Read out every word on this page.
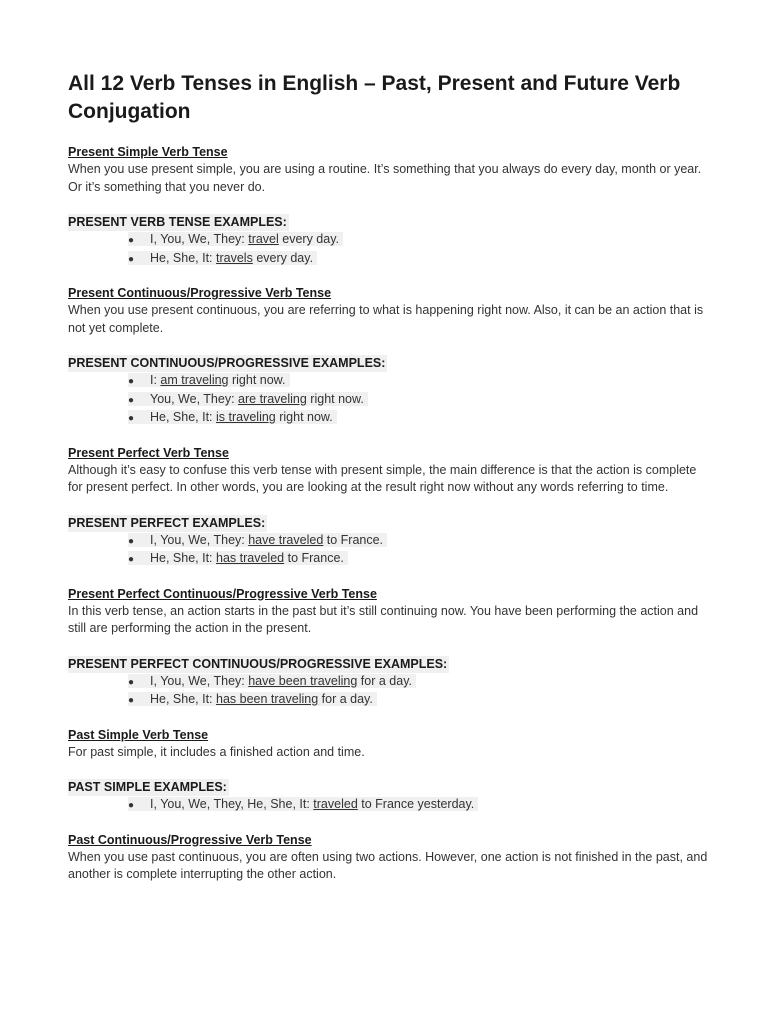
All 12 Verb Tenses in English – Past, Present and Future Verb Conjugation
Present Simple Verb Tense

When you use present simple, you are using a routine. It’s something that you always do every day, month or year. Or it’s something that you never do.

PRESENT VERB TENSE EXAMPLES:
● I, You, We, They: travel every day.
● He, She, It: travels every day.
Present Continuous/Progressive Verb Tense

When you use present continuous, you are referring to what is happening right now. Also, it can be an action that is not yet complete.

PRESENT CONTINUOUS/PROGRESSIVE EXAMPLES:
● I: am traveling right now.
● You, We, They: are traveling right now.
● He, She, It: is traveling right now.
Present Perfect Verb Tense

Although it’s easy to confuse this verb tense with present simple, the main difference is that the action is complete for present perfect. In other words, you are looking at the result right now without any words referring to time.

PRESENT PERFECT EXAMPLES:
● I, You, We, They: have traveled to France.
● He, She, It: has traveled to France.
Present Perfect Continuous/Progressive Verb Tense

In this verb tense, an action starts in the past but it’s still continuing now. You have been performing the action and still are performing the action in the present.

PRESENT PERFECT CONTINUOUS/PROGRESSIVE EXAMPLES:
● I, You, We, They: have been traveling for a day.
● He, She, It: has been traveling for a day.
Past Simple Verb Tense

For past simple, it includes a finished action and time.

PAST SIMPLE EXAMPLES:
● I, You, We, They, He, She, It: traveled to France yesterday.
Past Continuous/Progressive Verb Tense

When you use past continuous, you are often using two actions. However, one action is not finished in the past, and another is complete interrupting the other action.
